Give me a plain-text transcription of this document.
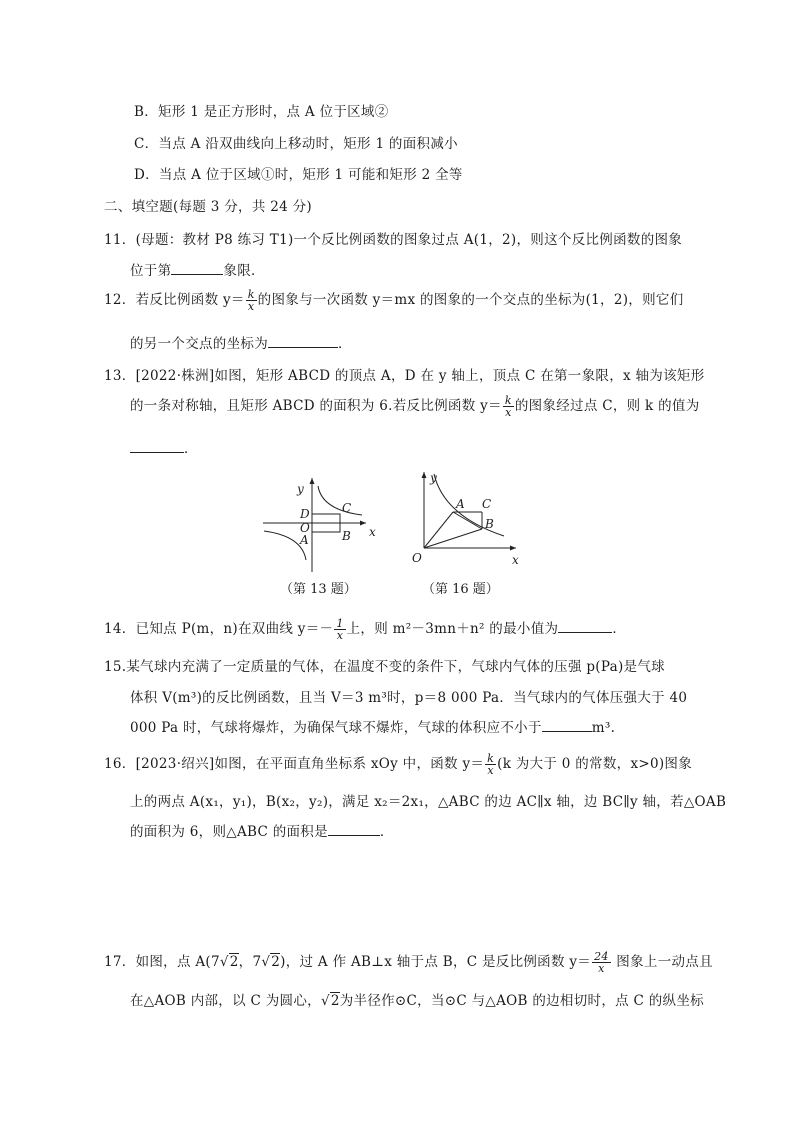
B．矩形 1 是正方形时，点 A 位于区域②
C．当点 A 沿双曲线向上移动时，矩形 1 的面积减小
D．当点 A 位于区域①时，矩形 1 可能和矩形 2 全等
二、填空题(每题 3 分，共 24 分)
11．(母题：教材 P8 练习 T1)一个反比例函数的图象过点 A(1，2)，则这个反比例函数的图象
位于第	象限．
12．若反比例函数 $y= \frac{k}{x}$ 的图象与一次函数 y＝mx 的图象的一个交点的坐标为(1，2)，则它们
的另一个交点的坐标为	．
13．[2022·株洲]如图，矩形 ABCD 的顶点 A，D 在 y 轴上，顶点 C 在第一象限，x 轴为该矩形
的一条对称轴，且矩形 ABCD 的面积为 6.若反比例函数 $y= \frac{k}{x}$ 的图象经过点 C，则 k 的值为
．
y
x
D	C
O
A	B
（第 13 题）
y
x
A C
B
O
（第 16 题）
14．已知点 P(m，n)在双曲线 $y=- \frac{1}{x}$ 上，则 m²－3mn＋n² 的最小值为	．
15.某气球内充满了一定质量的气体，在温度不变的条件下，气球内气体的压强 p(Pa)是气球
体积 V(m³)的反比例函数，且当 V＝3 m³时，p＝8 000 Pa．当气球内的气体压强大于 40
000 Pa 时，气球将爆炸，为确保气球不爆炸，气球的体积应不小于	m³.
16．[2023·绍兴]如图，在平面直角坐标系 xOy 中，函数 $y= \frac{k}{x} (k$ 为大于 0 的常数，x>0)图象
上的两点 A(x₁，y₁)，B(x₂，y₂)，满足 x₂＝2x₁，△ABC 的边 AC∥x 轴，边 BC∥y 轴，若△OAB
的面积为 6，则△ABC 的面积是	．
17．如图，点 A(7√2，7√2)，过 A 作 AB⊥x 轴于点 B，C 是反比例函数 $y= \frac{24}{x}$ 图象上一动点且
在△AOB 内部，以 C 为圆心，√2为半径作⊙C，当⊙C 与△AOB 的边相切时，点 C 的纵坐标
